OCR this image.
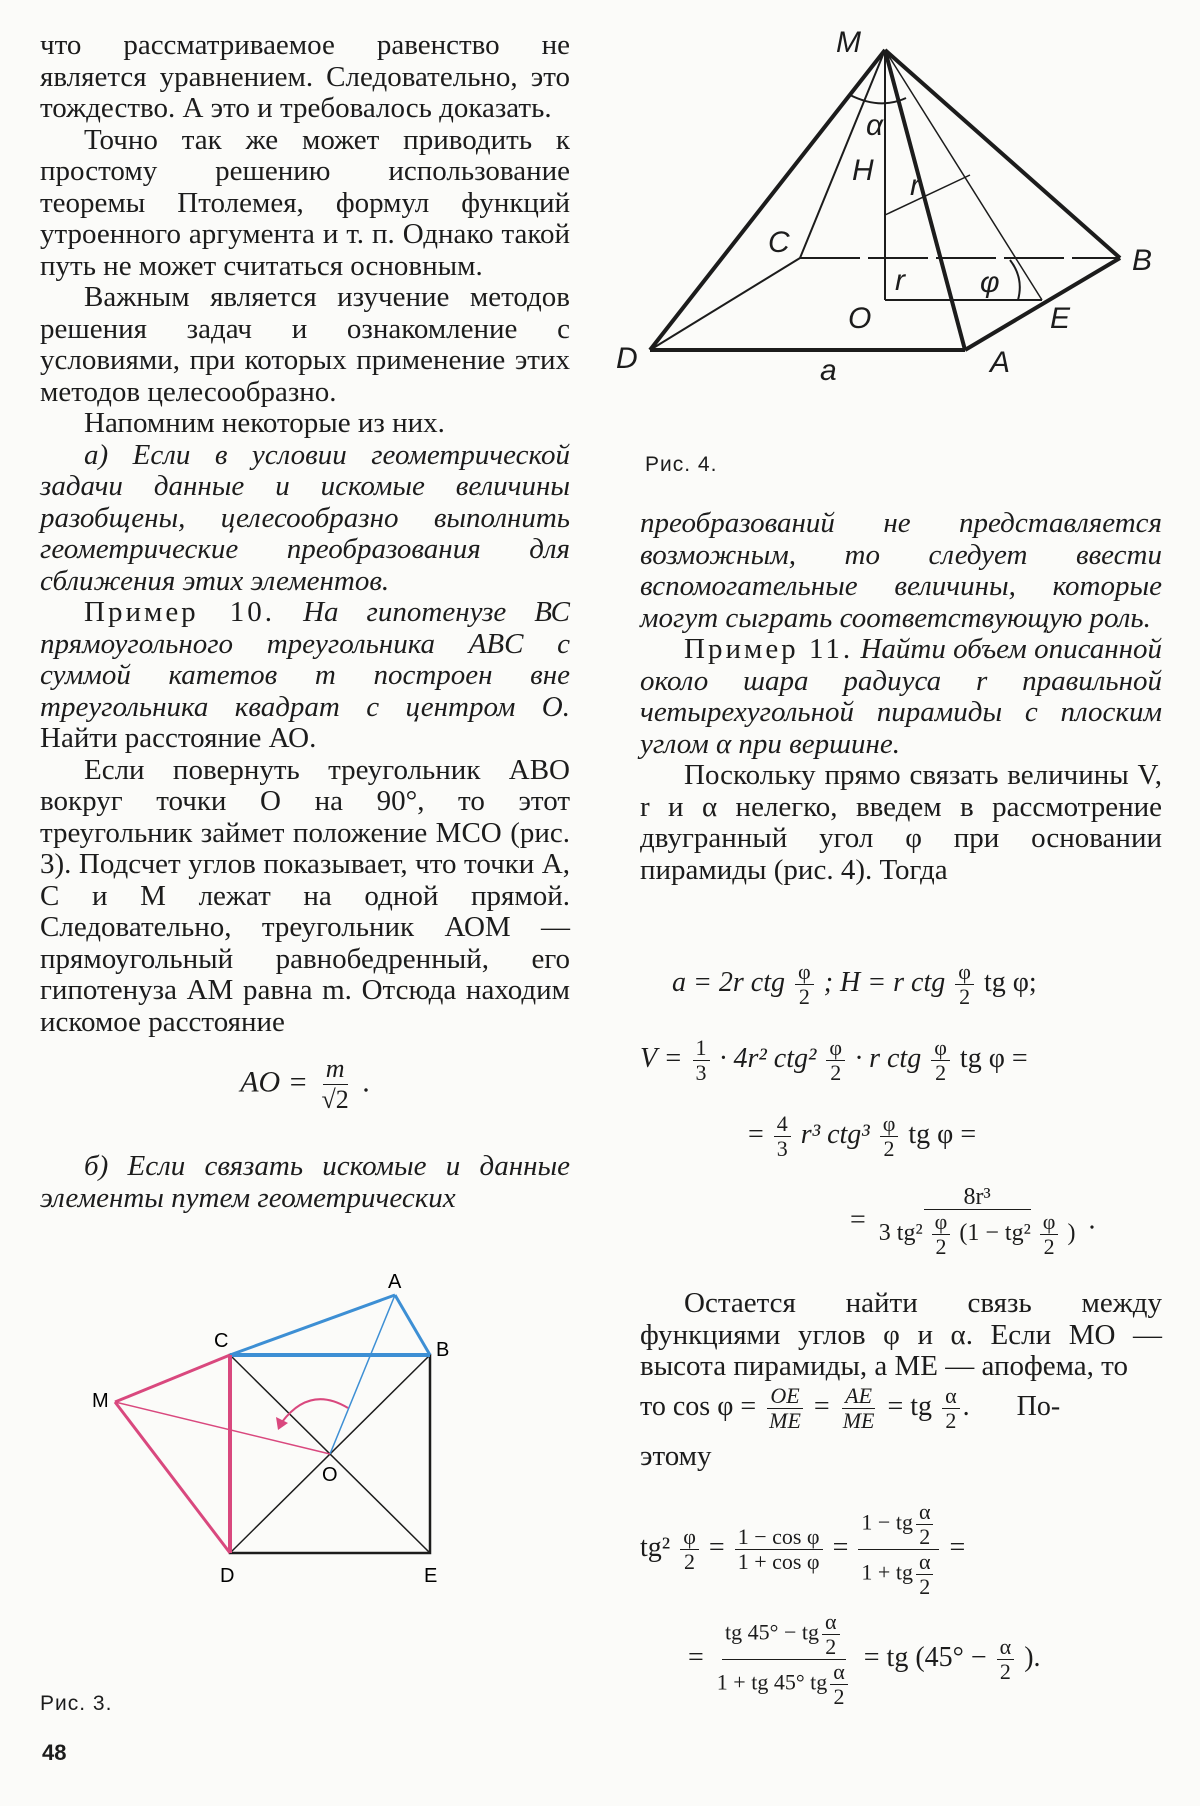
что рассматриваемое равенство не является уравнением. Следовательно, это тождество. А это и требовалось доказать.

Точно так же может приводить к простому решению использование теоремы Птолемея, формул функций утроенного аргумента и т. п. Однако такой путь не может считаться основным.

Важным является изучение методов решения задач и ознакомление с условиями, при которых применение этих методов целесообразно.

Напомним некоторые из них.

а) Если в условии геометрической задачи данные и искомые величины разобщены, целесообразно выполнить геометрические преобразования для сближения этих элементов.

Пример 10. На гипотенузе ВС прямоугольного треугольника ABC с суммой катетов m построен вне треугольника квадрат с центром О. Найти расстояние АО.

Если повернуть треугольник АВО вокруг точки О на 90°, то этот треугольник займет положение МСО (рис. 3). Подсчет углов показывает, что точки А, С и М лежат на одной прямой. Следовательно, треугольник АОМ — прямоугольный равнобедренный, его гипотенуза АМ равна m. Отсюда находим искомое расстояние

AO = $\frac{m}{√2}$ .

б) Если связать искомые и данные элементы путем геометрических

A
B
C
M
O
D	E
Рис. 3.
M
α
H r
C
B
r	φ
O	E
D	A
a
Рис. 4.

преобразований не представляется возможным, то следует ввести вспомогательные величины, которые могут сыграть соответствующую роль.

Пример 11. Найти объем описанной около шара радиуса r правильной четырехугольной пирамиды с плоским углом α при вершине.

Поскольку прямо связать величины V, r и α нелегко, введем в рассмотрение двугранный угол φ при основании пирамиды (рис. 4). Тогда

a = 2r ctg $\frac{\varphi}{2}$ ; H = r ctg $\frac{\varphi}{2}$ tg φ;
$V = \frac{1}{3} \cdot 4r^2$ $ctg^2 \frac{\varphi}{2} \cdot r$ ctg $\frac{\varphi}{2}$ tg φ =
= $\frac{4}{3} r^3$ $ctg^3 \frac{\varphi}{2}$ tg φ =
= $\frac{\text{8r³}}{3 tg^2 \frac{\varphi}{2} (1 - tg^2 \frac{\varphi}{2} )}$ .

Остается найти связь между функциями углов φ и α. Если МО — высота пирамиды, а МЕ — апофема, то

то $\cos \varphi = \frac{OE}{ME} = \frac{AE}{ME}$ = tg $\frac{\alpha}{2}$ . По-
этому
$tg^2 \frac{\varphi}{2} = \frac{\text{1 − cos φ}}{\text{1 + cos φ}} = \frac{1 - tg \frac{\alpha}{2}}{1 + tg \frac{\alpha}{2}}$ =
= $\frac{tg 45^\circ - tg \frac{\alpha}{2}}{1 + tg 45^\circ tg \frac{\alpha}{2}}$ = tg ($45^\circ - \frac{\alpha}{2}$ ).
48
